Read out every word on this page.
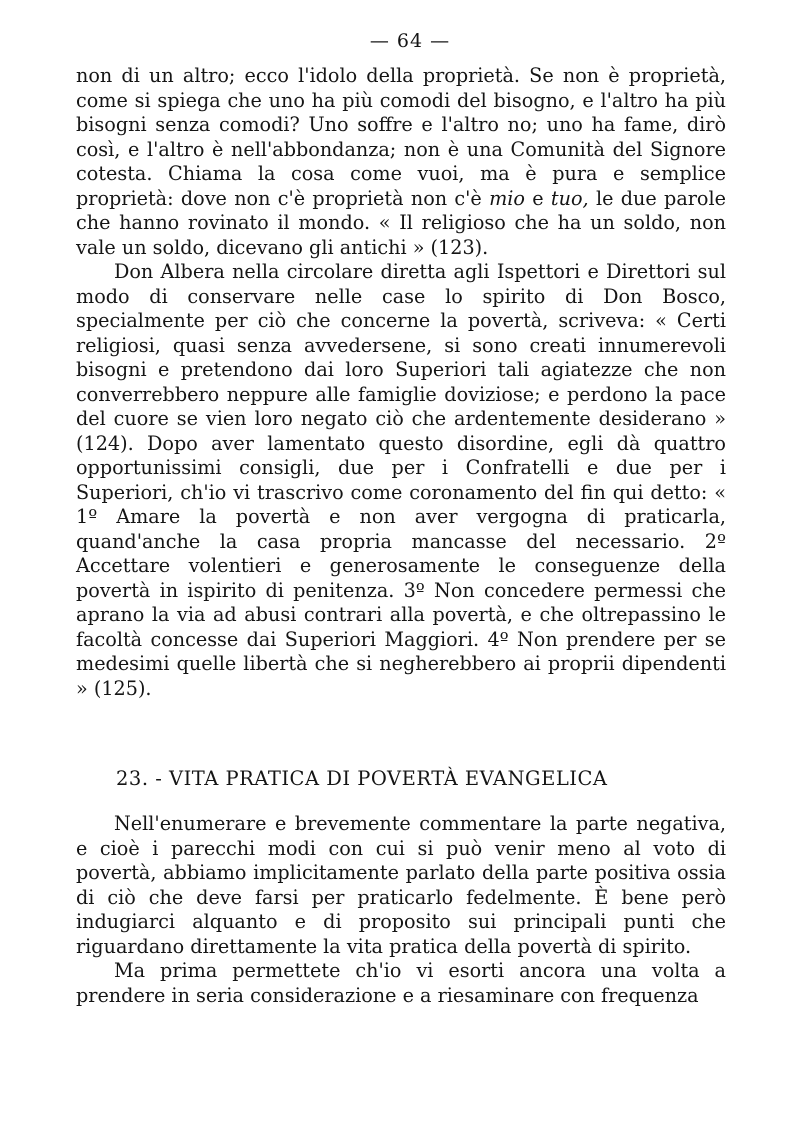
— 64 —

non di un altro; ecco l'idolo della proprietà. Se non è proprietà, come si spiega che uno ha più comodi del bisogno, e l'altro ha più bisogni senza comodi? Uno soffre e l'altro no; uno ha fame, dirò così, e l'altro è nell'abbondanza; non è una Comunità del Signore cotesta. Chiama la cosa come vuoi, ma è pura e semplice proprietà: dove non c'è proprietà non c'è mio e tuo, le due parole che hanno rovinato il mondo. « Il religioso che ha un soldo, non vale un soldo, dicevano gli antichi » (123).

Don Albera nella circolare diretta agli Ispettori e Direttori sul modo di conservare nelle case lo spirito di Don Bosco, specialmente per ciò che concerne la povertà, scriveva: « Certi religiosi, quasi senza avvedersene, si sono creati innumerevoli bisogni e pretendono dai loro Superiori tali agiatezze che non converrebbero neppure alle famiglie doviziose; e perdono la pace del cuore se vien loro negato ciò che ardentemente desiderano » (124). Dopo aver lamentato questo disordine, egli dà quattro opportunissimi consigli, due per i Confratelli e due per i Superiori, ch'io vi trascrivo come coronamento del fin qui detto: « 1º Amare la povertà e non aver vergogna di praticarla, quand'anche la casa propria mancasse del necessario. 2º Accettare volentieri e generosamente le conseguenze della povertà in ispirito di penitenza. 3º Non concedere permessi che aprano la via ad abusi contrari alla povertà, e che oltrepassino le facoltà concesse dai Superiori Maggiori. 4º Non prendere per se medesimi quelle libertà che si negherebbero ai proprii dipendenti » (125).

23. - VITA PRATICA DI POVERTÀ EVANGELICA

Nell'enumerare e brevemente commentare la parte negativa, e cioè i parecchi modi con cui si può venir meno al voto di povertà, abbiamo implicitamente parlato della parte positiva ossia di ciò che deve farsi per praticarlo fedelmente. È bene però indugiarci alquanto e di proposito sui principali punti che riguardano direttamente la vita pratica della povertà di spirito.

Ma prima permettete ch'io vi esorti ancora una volta a prendere in seria considerazione e a riesaminare con frequenza
